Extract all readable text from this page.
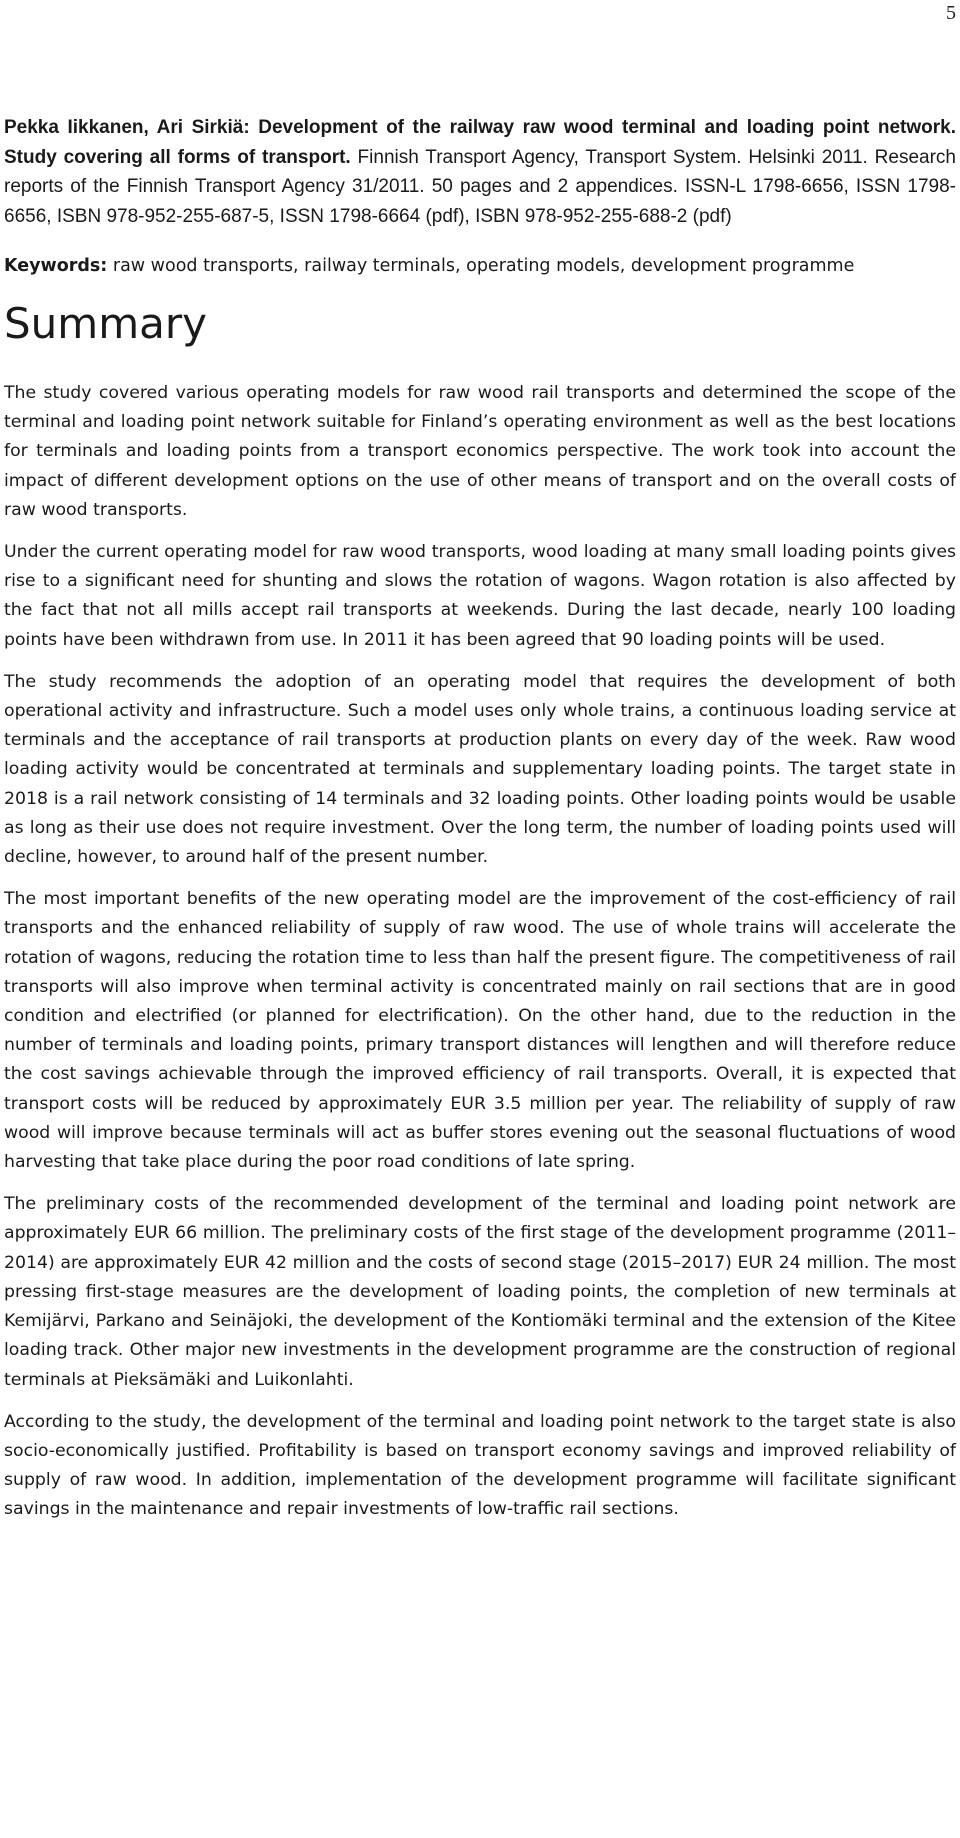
5

Pekka Iikkanen, Ari Sirkiä: Development of the railway raw wood terminal and loading point network. Study covering all forms of transport. Finnish Transport Agency, Transport System. Helsinki 2011. Research reports of the Finnish Transport Agency 31/2011. 50 pages and 2 appendices. ISSN-L 1798-6656, ISSN 1798-6656, ISBN 978-952-255-687-5, ISSN 1798-6664 (pdf), ISBN 978-952-255-688-2 (pdf)

Keywords: raw wood transports, railway terminals, operating models, development programme

Summary

The study covered various operating models for raw wood rail transports and determined the scope of the terminal and loading point network suitable for Finland’s operating environment as well as the best locations for terminals and loading points from a transport economics perspective. The work took into account the impact of different development options on the use of other means of transport and on the overall costs of raw wood transports.

Under the current operating model for raw wood transports, wood loading at many small loading points gives rise to a significant need for shunting and slows the rotation of wagons. Wagon rotation is also affected by the fact that not all mills accept rail transports at weekends. During the last decade, nearly 100 loading points have been withdrawn from use. In 2011 it has been agreed that 90 loading points will be used.

The study recommends the adoption of an operating model that requires the development of both operational activity and infrastructure. Such a model uses only whole trains, a continuous loading service at terminals and the acceptance of rail transports at production plants on every day of the week. Raw wood loading activity would be concentrated at terminals and supplementary loading points. The target state in 2018 is a rail network consisting of 14 terminals and 32 loading points. Other loading points would be usable as long as their use does not require investment. Over the long term, the number of loading points used will decline, however, to around half of the present number.

The most important benefits of the new operating model are the improvement of the cost-efficiency of rail transports and the enhanced reliability of supply of raw wood. The use of whole trains will accelerate the rotation of wagons, reducing the rotation time to less than half the present figure. The competitiveness of rail transports will also improve when terminal activity is concentrated mainly on rail sections that are in good condition and electrified (or planned for electrification). On the other hand, due to the reduction in the number of terminals and loading points, primary transport distances will lengthen and will therefore reduce the cost savings achievable through the improved efficiency of rail transports. Overall, it is expected that transport costs will be reduced by approximately EUR 3.5 million per year. The reliability of supply of raw wood will improve because terminals will act as buffer stores evening out the seasonal fluctuations of wood harvesting that take place during the poor road conditions of late spring.

The preliminary costs of the recommended development of the terminal and loading point network are approximately EUR 66 million. The preliminary costs of the first stage of the development programme (2011–2014) are approximately EUR 42 million and the costs of second stage (2015–2017) EUR 24 million. The most pressing first-stage measures are the development of loading points, the completion of new terminals at Kemijärvi, Parkano and Seinäjoki, the development of the Kontiomäki terminal and the extension of the Kitee loading track. Other major new investments in the development programme are the construction of regional terminals at Pieksämäki and Luikonlahti.

According to the study, the development of the terminal and loading point network to the target state is also socio-economically justified. Profitability is based on transport economy savings and improved reliability of supply of raw wood. In addition, implementation of the development programme will facilitate significant savings in the maintenance and repair investments of low-traffic rail sections.
